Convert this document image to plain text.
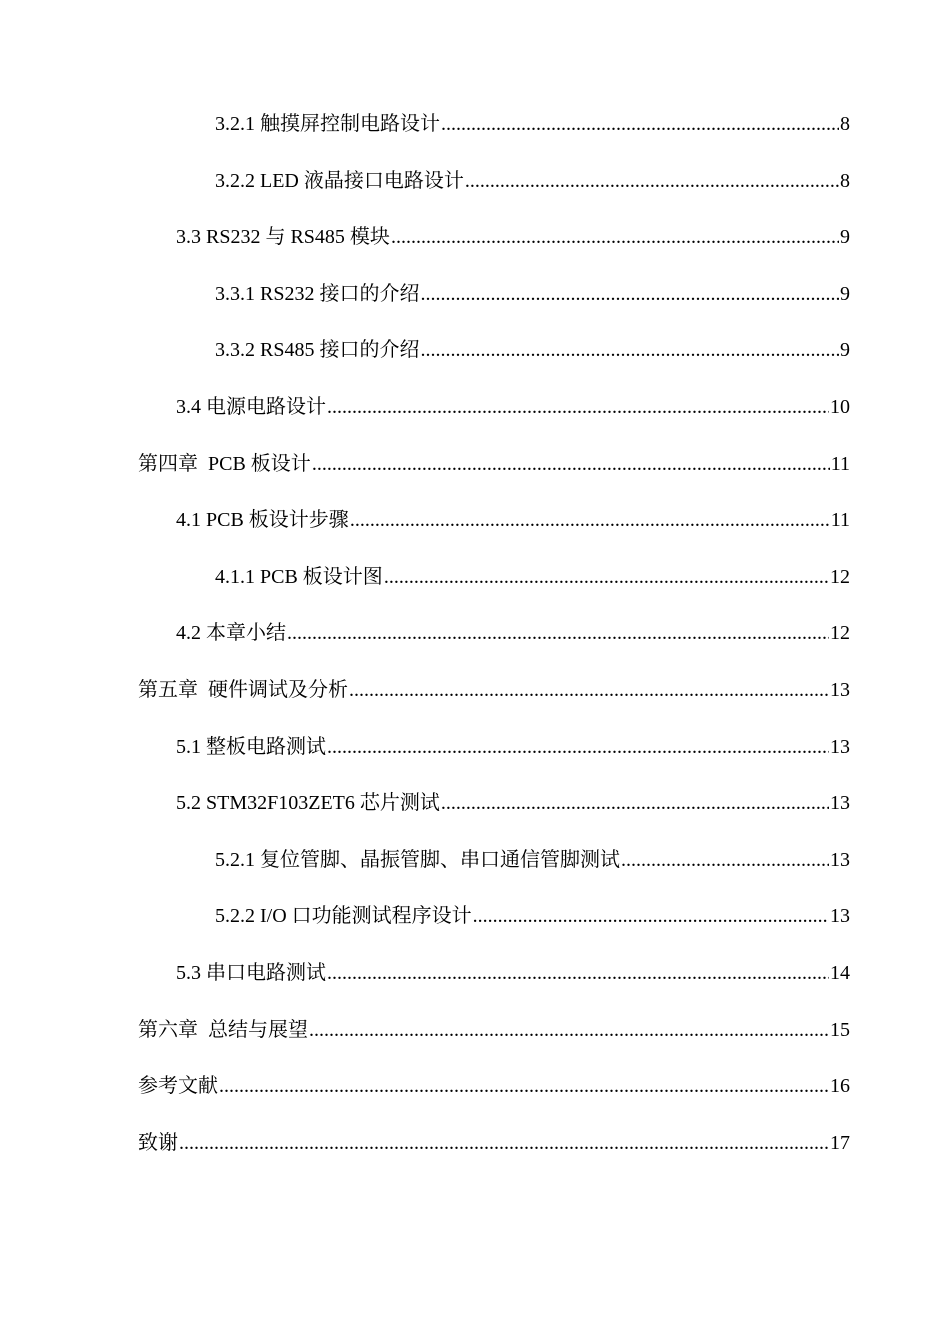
3.2.1 触摸屏控制电路设计 .....	8
3.2.2 LED 液晶接口电路设计 .....	8
3.3 RS232 与 RS485 模块 .....	9
3.3.1 RS232 接口的介绍 .....	9
3.3.2 RS485 接口的介绍 .....	9
3.4 电源电路设计 .....	10
第四章  PCB 板设计 .....	11
4.1 PCB 板设计步骤 .....	11
4.1.1 PCB 板设计图 .....	12
4.2 本章小结 .....	12
第五章  硬件调试及分析 .....	13
5.1 整板电路测试 .....	13
5.2 STM32F103ZET6 芯片测试 .....	13
5.2.1 复位管脚、晶振管脚、串口通信管脚测试 .....	13
5.2.2 I/O 口功能测试程序设计 .....	13
5.3 串口电路测试 .....	14
第六章  总结与展望 .....	15
参考文献 .....	16
致谢 .....	17
